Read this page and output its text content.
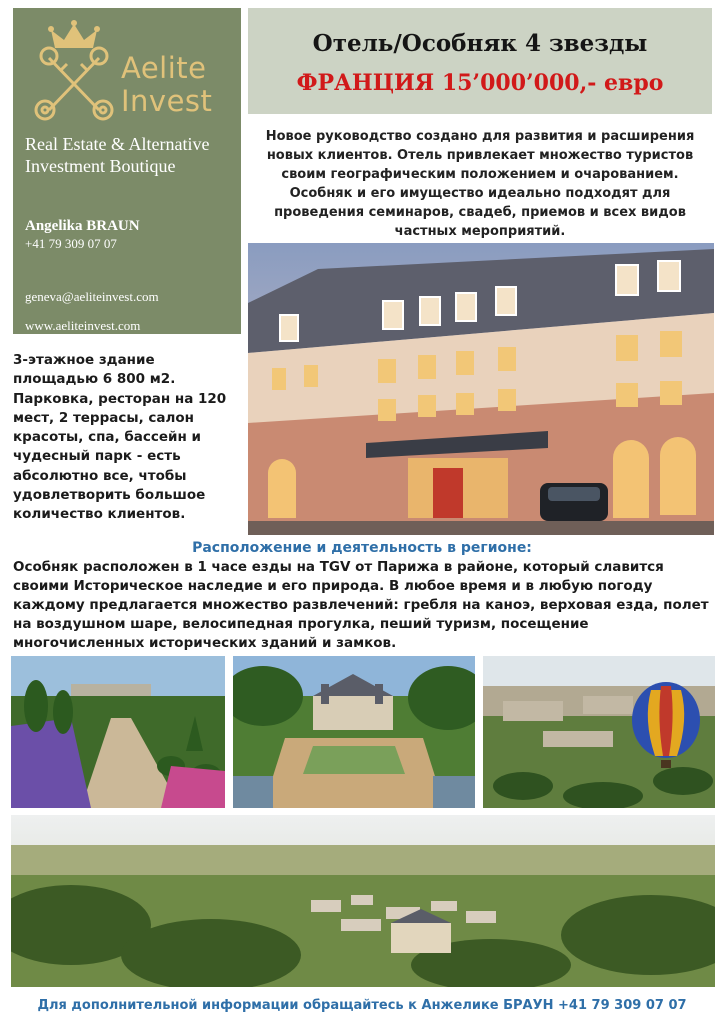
Aelite
Invest
Real Estate & Alternative Investment Boutique
Angelika BRAUN
+41 79 309 07 07
geneva@aeliteinvest.com
www.aeliteinvest.com
Отель/Особняк 4 звезды
ФРАНЦИЯ 15’000’000,- евро
Новое руководство создано для развития и расширения новых клиентов. Отель привлекает множество туристов своим географическим положением и очарованием. Особняк и его имущество идеально подходят для проведения семинаров, свадеб, приемов и всех видов частных мероприятий.
3-этажное здание площадью 6 800 м2. Парковка, ресторан на 120 мест, 2 террасы, салон красоты, спа, бассейн и чудесный парк - есть абсолютно все, чтобы удовлетворить большое количество клиентов.
Расположение и деятельность в регионе:
Особняк расположен в 1 часе езды на TGV от Парижа в районе, который славится своими Историческое наследие и его природа. В любое время и в любую погоду каждому предлагается множество развлечений: гребля на каноэ, верховая езда, полет на воздушном шаре, велосипедная прогулка, пеший туризм, посещение многочисленных исторических зданий и замков.
Для дополнительной информации обращайтесь к Анжелике БРАУН +41 79 309 07 07
